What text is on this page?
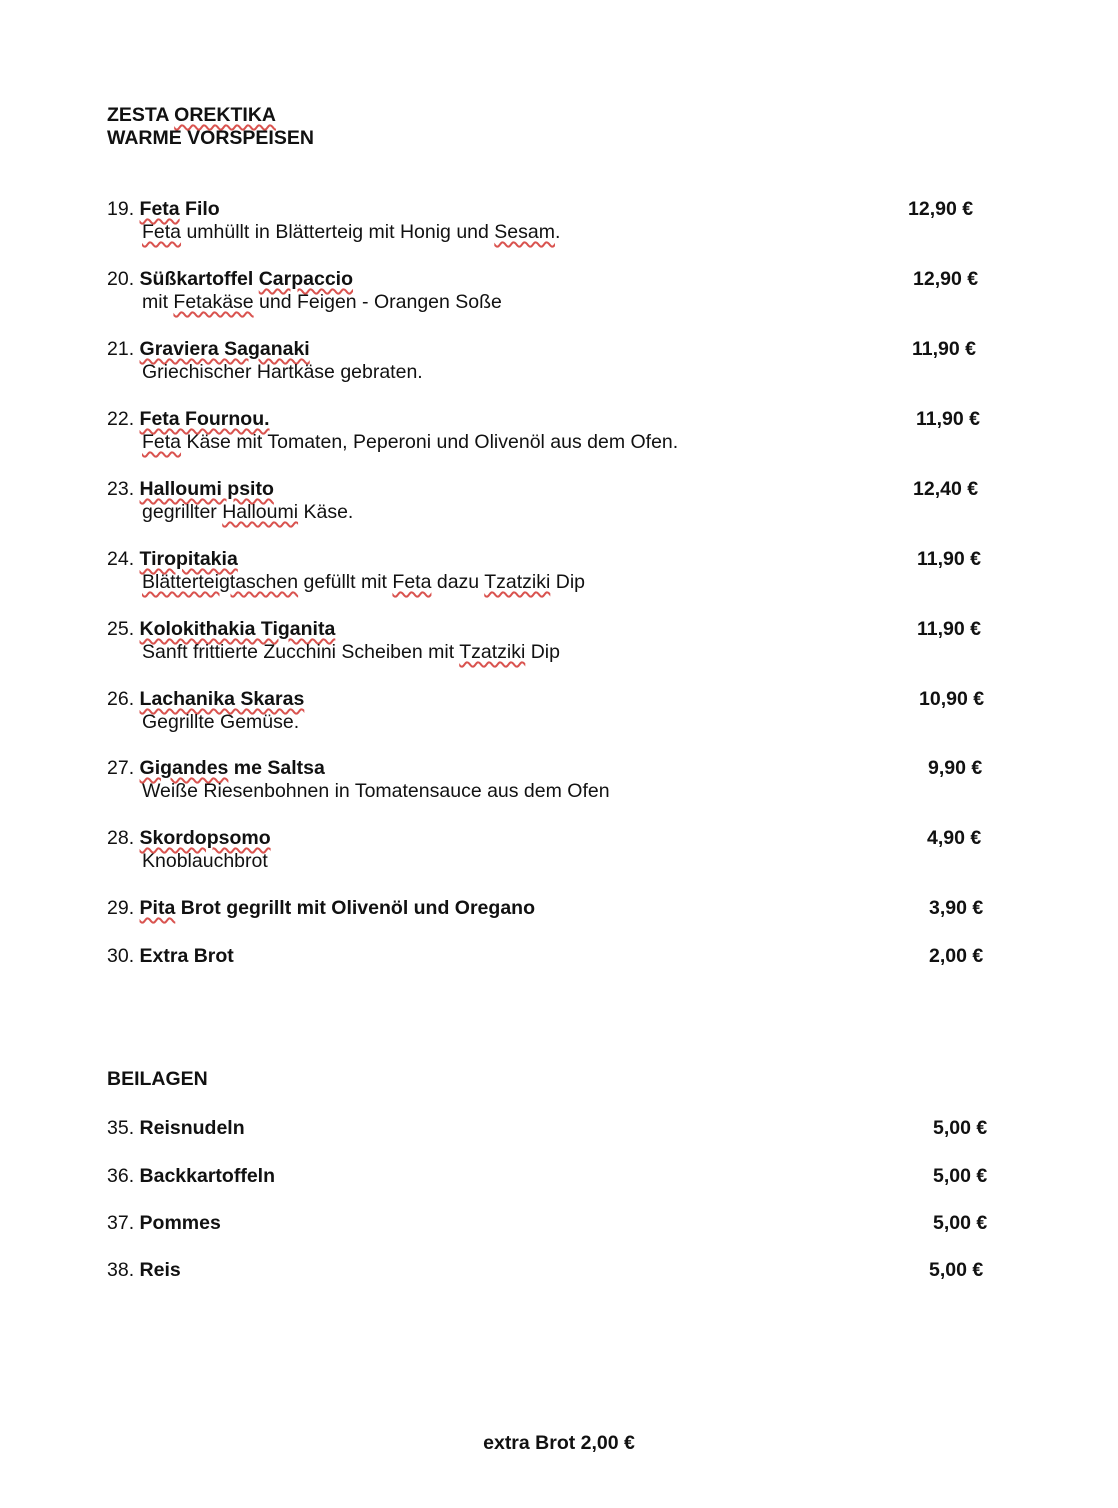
ZESTA OREKTIKA
WARME VORSPEISEN
19. Feta Filo
Feta umhüllt in Blätterteig mit Honig und Sesam.
12,90 €
20. Süßkartoffel Carpaccio
mit Fetakäse und Feigen - Orangen Soße
12,90 €
21. Graviera Saganaki
Griechischer Hartkäse gebraten.
11,90 €
22. Feta Fournou.
Feta Käse mit Tomaten, Peperoni und Olivenöl aus dem Ofen.
11,90 €
23. Halloumi psito
gegrillter Halloumi Käse.
12,40 €
24. Tiropitakia
Blätterteigtaschen gefüllt mit Feta dazu Tzatziki Dip
11,90 €
25. Kolokithakia Tiganita
Sanft frittierte Zucchini Scheiben mit Tzatziki Dip
11,90 €
26. Lachanika Skaras
Gegrillte Gemüse.
10,90 €
27. Gigandes me Saltsa
Weiße Riesenbohnen in Tomatensauce aus dem Ofen
9,90 €
28. Skordopsomo
Knoblauchbrot
4,90 €
29. Pita Brot gegrillt mit Olivenöl und Oregano	3,90 €
30. Extra Brot	2,00 €
BEILAGEN
35. Reisnudeln	5,00 €
36. Backkartoffeln	5,00 €
37. Pommes	5,00 €
38. Reis	5,00 €
extra Brot 2,00 €
